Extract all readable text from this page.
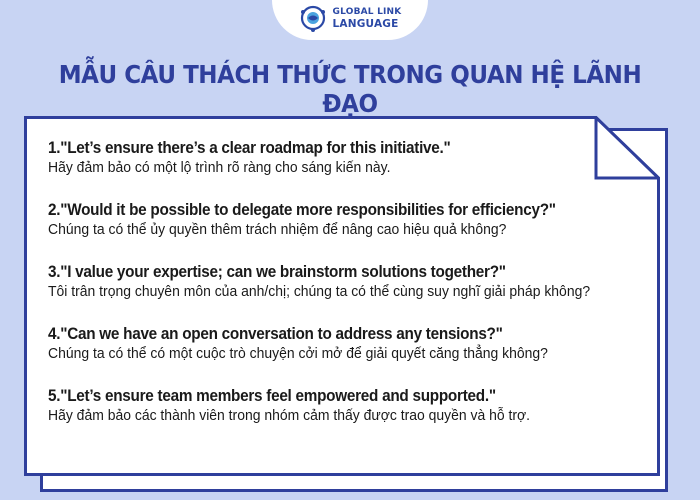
GLOBAL LINK
LANGUAGE
MẪU CÂU THÁCH THỨC TRONG QUAN HỆ LÃNH ĐẠO
1."Let’s ensure there’s a clear roadmap for this initiative."
Hãy đảm bảo có một lộ trình rõ ràng cho sáng kiến này.
2."Would it be possible to delegate more responsibilities for efficiency?"
Chúng ta có thể ủy quyền thêm trách nhiệm để nâng cao hiệu quả không?
3."I value your expertise; can we brainstorm solutions together?"
Tôi trân trọng chuyên môn của anh/chị; chúng ta có thể cùng suy nghĩ giải pháp không?
4."Can we have an open conversation to address any tensions?"
Chúng ta có thể có một cuộc trò chuyện cởi mở để giải quyết căng thẳng không?
5."Let’s ensure team members feel empowered and supported."
Hãy đảm bảo các thành viên trong nhóm cảm thấy được trao quyền và hỗ trợ.
